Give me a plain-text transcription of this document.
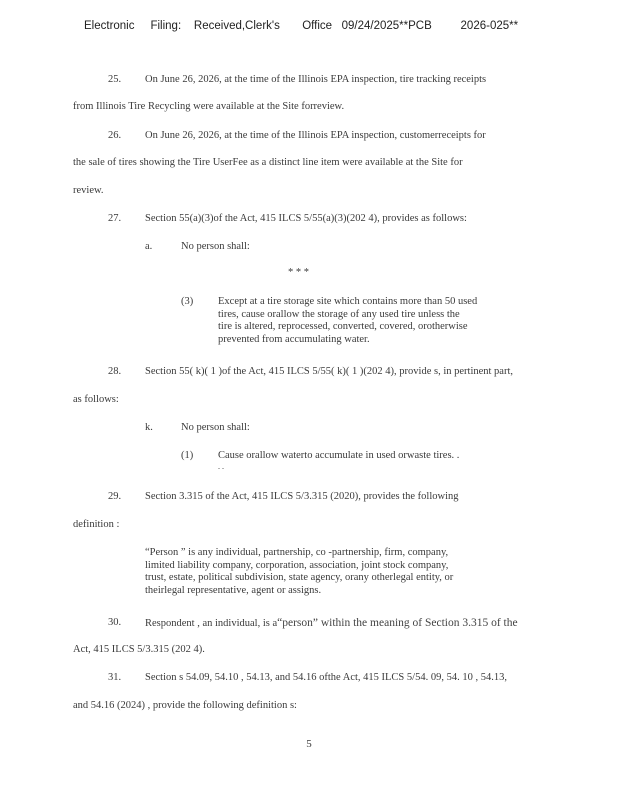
Electronic     Filing:    Received,Clerk's       Office   09/24/2025**PCB         2026-025**
25. On June 26, 2026, at the time of the Illinois EPA inspection, tire tracking receipts
from Illinois Tire Recycling were available at the Site forreview.
26. On June 26, 2026, at the time of the Illinois EPA inspection, customerreceipts for
the sale of tires showing the Tire UserFee as a distinct line item were available at the Site for
review.
27. Section 55(a)(3)of the Act, 415 ILCS 5/55(a)(3)(202 4), provides as follows:
a.	No person shall:
* * *
(3) Except at a tire storage site which contains more than 50 used
tires, cause orallow the storage of any used tire unless the
tire is altered, reprocessed, converted, covered, orotherwise
prevented from accumulating water.
28. Section 55( k)( 1 )of the Act, 415 ILCS 5/55( k)( 1 )(202 4), provide s, in pertinent part,
as follows:
k.	No person shall:
(1) Cause orallow waterto accumulate in used orwaste tires. .
. .
29. Section 3.315 of the Act, 415 ILCS 5/3.315 (2020), provides the following
definition :
“Person ” is any individual, partnership, co -partnership, firm, company,
limited liability company, corporation, association, joint stock company,
trust, estate, political subdivision, state agency, orany otherlegal entity, or
theirlegal representative, agent or assigns.
30. Respondent , an individual, is a“person” within the meaning of Section 3.315 of the
Act, 415 ILCS 5/3.315 (202 4).
31. Section s 54.09, 54.10 , 54.13, and 54.16 ofthe Act, 415 ILCS 5/54. 09, 54. 10 , 54.13,
and 54.16 (2024) , provide the following definition s:
5
